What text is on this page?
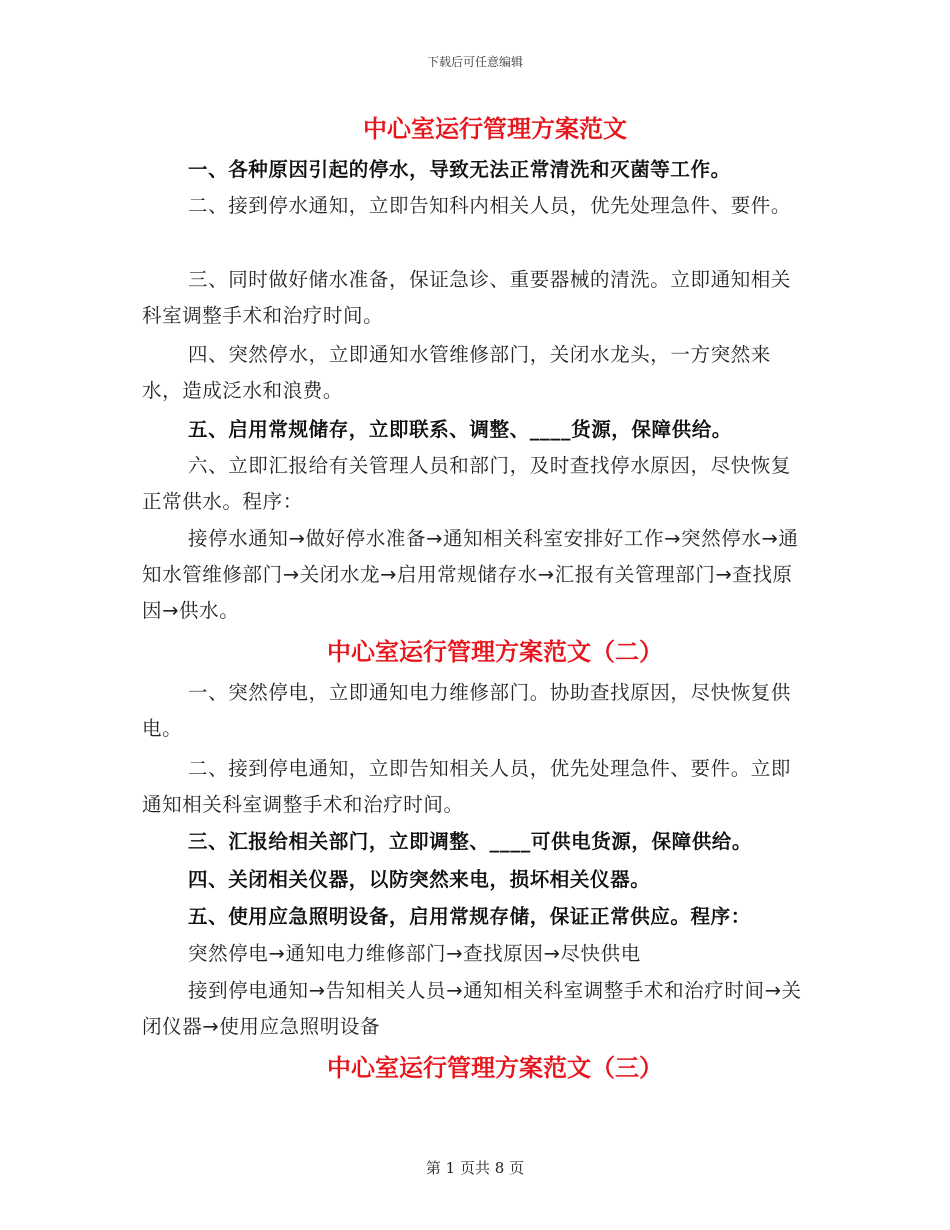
下载后可任意编辑
中心室运行管理方案范文

一、各种原因引起的停水，导致无法正常清洗和灭菌等工作。

二、接到停水通知，立即告知科内相关人员，优先处理急件、要件。

三、同时做好储水准备，保证急诊、重要器械的清洗。立即通知相关科室调整手术和治疗时间。

四、突然停水，立即通知水管维修部门，关闭水龙头，一方突然来水，造成泛水和浪费。

五、启用常规储存，立即联系、调整、____货源，保障供给。

六、立即汇报给有关管理人员和部门，及时查找停水原因，尽快恢复正常供水。程序：

接停水通知→做好停水准备→通知相关科室安排好工作→突然停水→通知水管维修部门→关闭水龙→启用常规储存水→汇报有关管理部门→查找原因→供水。

中心室运行管理方案范文（二）

一、突然停电，立即通知电力维修部门。协助查找原因，尽快恢复供电。

二、接到停电通知，立即告知相关人员，优先处理急件、要件。立即通知相关科室调整手术和治疗时间。

三、汇报给相关部门，立即调整、____可供电货源，保障供给。

四、关闭相关仪器，以防突然来电，损坏相关仪器。

五、使用应急照明设备，启用常规存储，保证正常供应。程序：

突然停电→通知电力维修部门→查找原因→尽快供电

接到停电通知→告知相关人员→通知相关科室调整手术和治疗时间→关闭仪器→使用应急照明设备

中心室运行管理方案范文（三）
第 1 页共 8 页
